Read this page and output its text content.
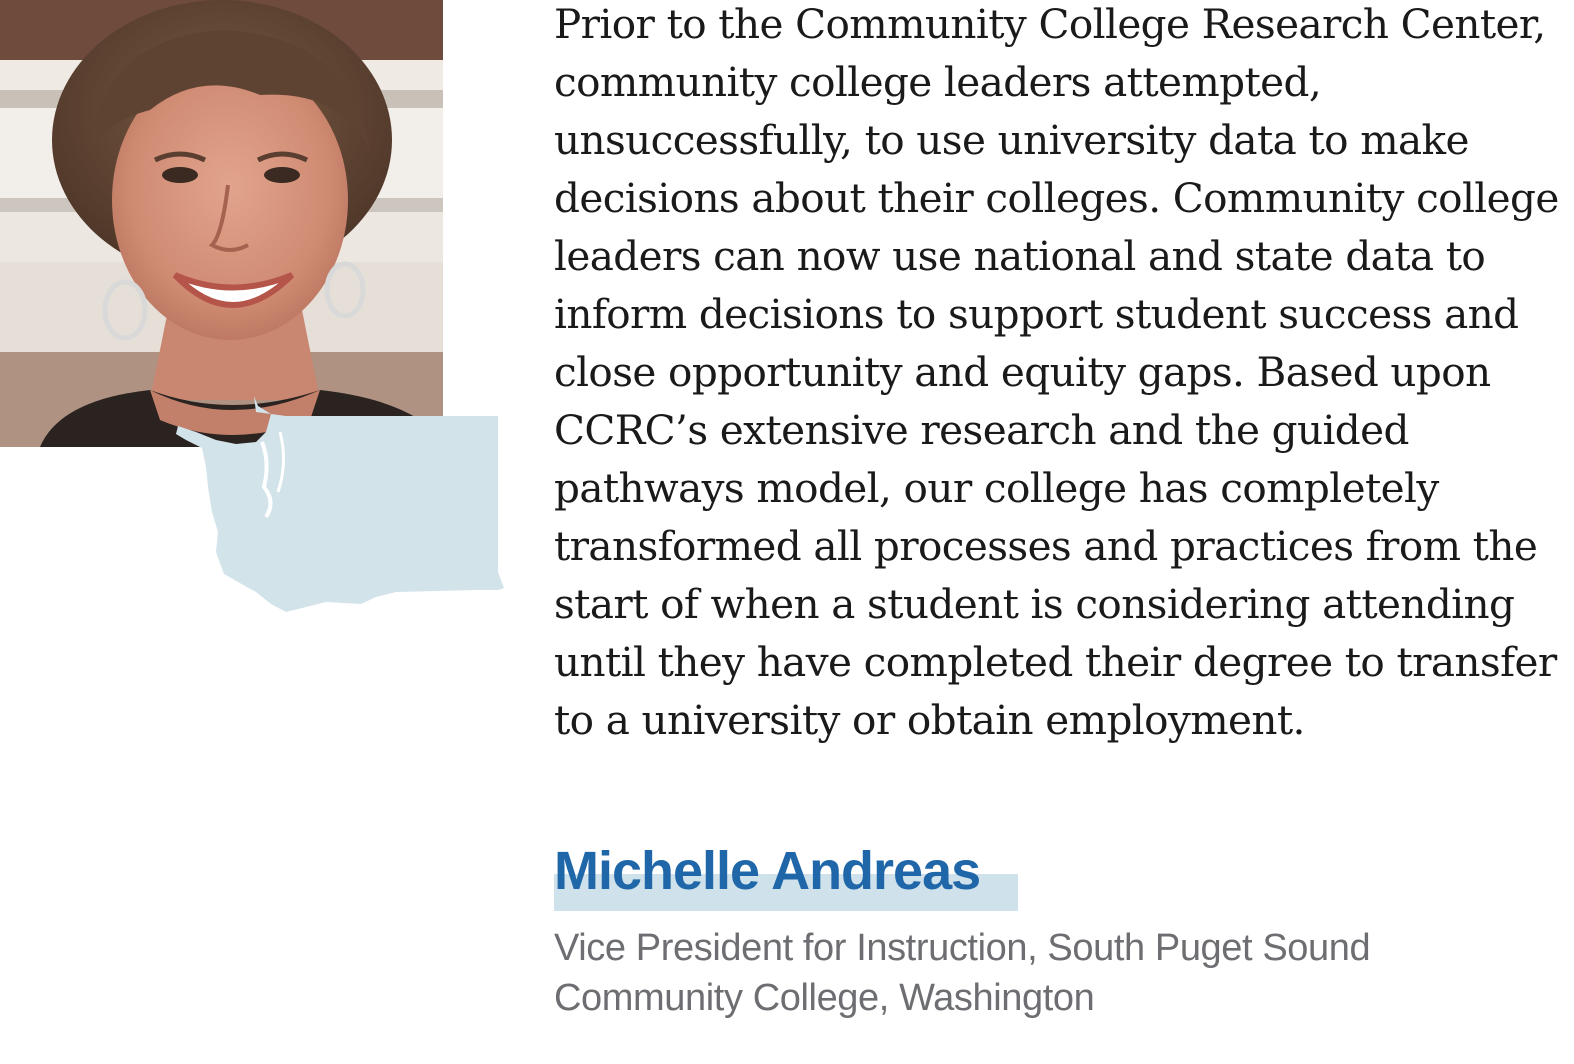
Prior to the Community College Research Center,
community college leaders attempted,
unsuccessfully, to use university data to make
decisions about their colleges. Community college
leaders can now use national and state data to
inform decisions to support student success and
close opportunity and equity gaps. Based upon
CCRC’s extensive research and the guided
pathways model, our college has completely
transformed all processes and practices from the
start of when a student is considering attending
until they have completed their degree to transfer
to a university or obtain employment.

Michelle Andreas

Vice President for Instruction, South Puget Sound
Community College, Washington
